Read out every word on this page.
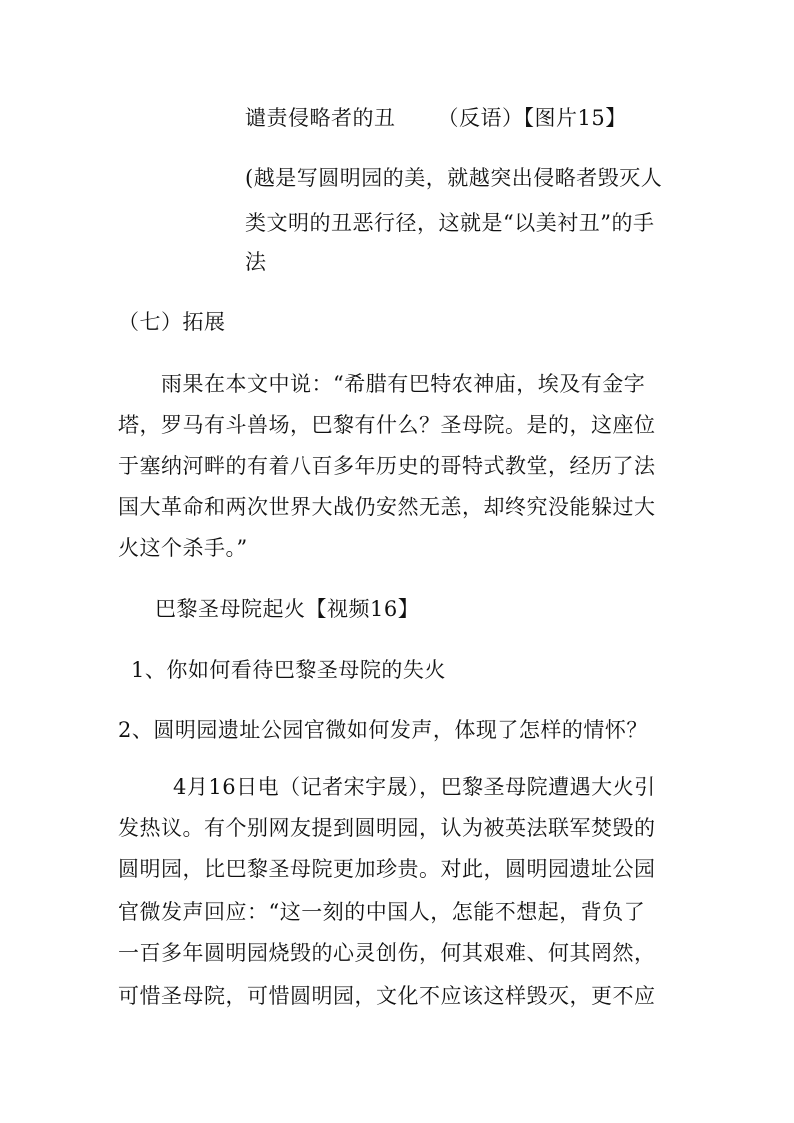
谴责侵略者的丑 （反语）【图片15】

(越是写圆明园的美，就越突出侵略者毁灭人

类文明的丑恶行径，这就是“以美衬丑”的手

法

（七）拓展

雨果在本文中说：“希腊有巴特农神庙，埃及有金字

塔，罗马有斗兽场，巴黎有什么？圣母院。是的，这座位

于塞纳河畔的有着八百多年历史的哥特式教堂，经历了法

国大革命和两次世界大战仍安然无恙，却终究没能躲过大

火这个杀手。”

巴黎圣母院起火【视频16】

1、你如何看待巴黎圣母院的失火

2、圆明园遗址公园官微如何发声，体现了怎样的情怀？

4月16日电（记者宋宇晟），巴黎圣母院遭遇大火引

发热议。有个别网友提到圆明园，认为被英法联军焚毁的

圆明园，比巴黎圣母院更加珍贵。对此，圆明园遗址公园

官微发声回应：“这一刻的中国人，怎能不想起，背负了

一百多年圆明园烧毁的心灵创伤，何其艰难、何其罔然，

可惜圣母院，可惜圆明园，文化不应该这样毁灭，更不应
